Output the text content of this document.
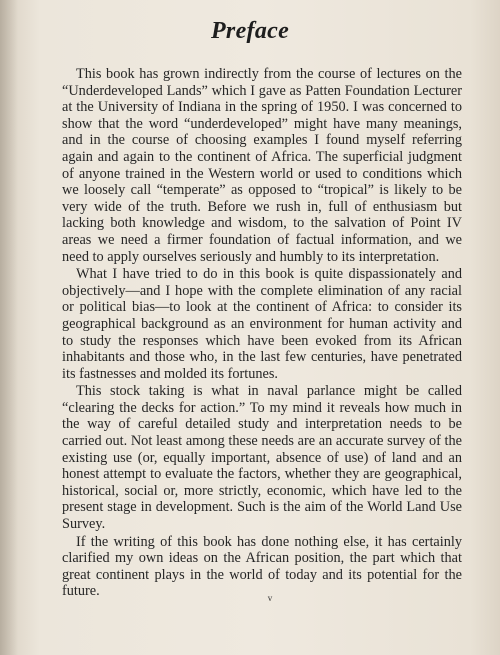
Preface

This book has grown indirectly from the course of lectures on the “Underdeveloped Lands” which I gave as Patten Foundation Lecturer at the University of Indiana in the spring of 1950. I was concerned to show that the word “underdeveloped” might have many meanings, and in the course of choosing examples I found myself referring again and again to the continent of Africa. The superficial judgment of anyone trained in the Western world or used to conditions which we loosely call “temperate” as opposed to “tropical” is likely to be very wide of the truth. Before we rush in, full of enthusiasm but lacking both knowledge and wisdom, to the salvation of Point IV areas we need a firmer foundation of factual information, and we need to apply ourselves seriously and humbly to its interpretation.

What I have tried to do in this book is quite dispassionately and objectively—and I hope with the complete elimination of any racial or political bias—to look at the continent of Africa: to consider its geographical background as an environment for human activity and to study the responses which have been evoked from its African inhabitants and those who, in the last few centuries, have penetrated its fastnesses and molded its fortunes.

This stock taking is what in naval parlance might be called “clearing the decks for action.” To my mind it reveals how much in the way of careful detailed study and interpretation needs to be carried out. Not least among these needs are an accurate survey of the existing use (or, equally important, absence of use) of land and an honest attempt to evaluate the factors, whether they are geographical, historical, social or, more strictly, economic, which have led to the present stage in development. Such is the aim of the World Land Use Survey.

If the writing of this book has done nothing else, it has certainly clarified my own ideas on the African position, the part which that great continent plays in the world of today and its potential for the future.	v
